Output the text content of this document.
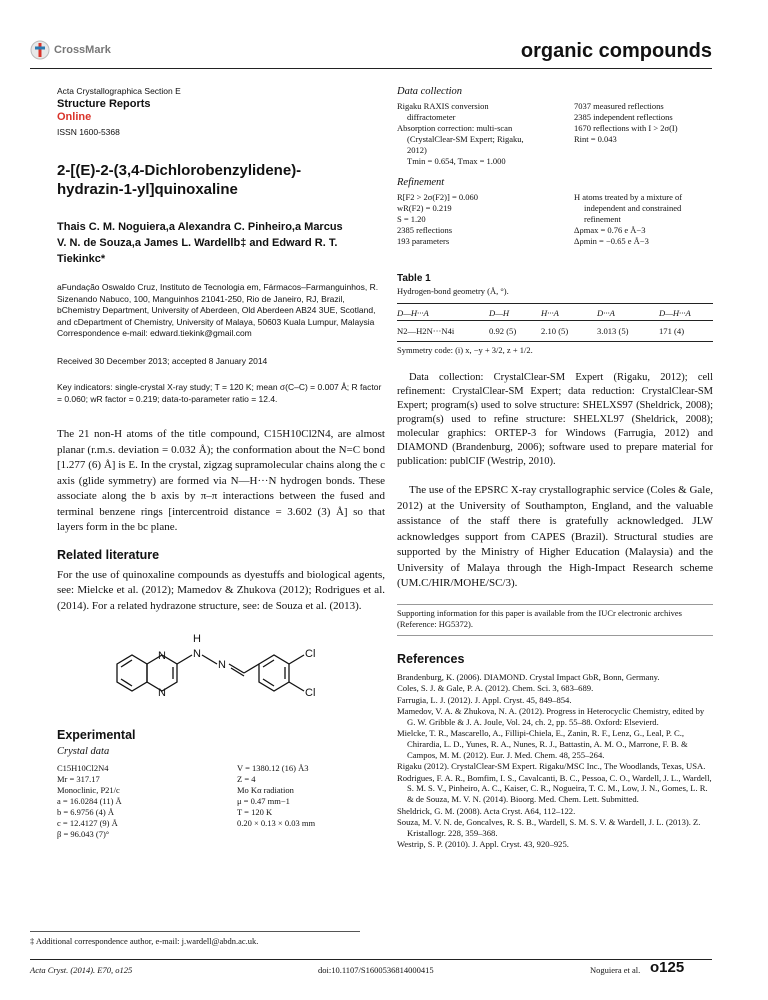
CrossMark	organic compounds
Acta Crystallographica Section E
Structure Reports
Online
ISSN 1600-5368
2-[(E)-2-(3,4-Dichlorobenzylidene)-hydrazin-1-yl]quinoxaline
Thais C. M. Noguiera,a Alexandra C. Pinheiro,a Marcus V. N. de Souza,a James L. Wardellb‡ and Edward R. T. Tiekinkc*
aFundação Oswaldo Cruz, Instituto de Tecnologia em, Fármacos–Farmanguinhos, R. Sizenando Nabuco, 100, Manguinhos 21041-250, Rio de Janeiro, RJ, Brazil,
bChemistry Department, University of Aberdeen, Old Aberdeen AB24 3UE, Scotland, and cDepartment of Chemistry, University of Malaya, 50603 Kuala Lumpur, Malaysia
Correspondence e-mail: edward.tiekink@gmail.com
Received 30 December 2013; accepted 8 January 2014
Key indicators: single-crystal X-ray study; T = 120 K; mean σ(C–C) = 0.007 Å; R factor = 0.060; wR factor = 0.219; data-to-parameter ratio = 12.4.
The 21 non-H atoms of the title compound, C15H10Cl2N4, are almost planar (r.m.s. deviation = 0.032 Å); the conformation about the N=C bond [1.277 (6) Å] is E. In the crystal, zigzag supramolecular chains along the c axis (glide symmetry) are formed via N—H···N hydrogen bonds. These associate along the b axis by π–π interactions between the fused and terminal benzene rings [intercentroid distance = 3.602 (3) Å] so that layers form in the bc plane.
Related literature
For the use of quinoxaline compounds as dyestuffs and biological agents, see: Mielcke et al. (2012); Mamedov & Zhukova (2012); Rodrigues et al. (2014). For a related hydrazone structure, see: de Souza et al. (2013).
N
N
H
N
N
Cl
Cl
Experimental
Crystal data
C15H10Cl2N4
Mr = 317.17
Monoclinic, P21/c
a = 16.0284 (11) Å
b = 6.9756 (4) Å
c = 12.4127 (9) Å
β = 96.043 (7)°
V = 1380.12 (16) Å3
Z = 4
Mo Kα radiation
μ = 0.47 mm−1
T = 120 K
0.20 × 0.13 × 0.03 mm
‡ Additional correspondence author, e-mail: j.wardell@abdn.ac.uk.
Acta Cryst. (2014). E70, o125	doi:10.1107/S1600536814000415	Noguiera et al. o125
Data collection
Rigaku RAXIS conversion
diffractometer
Absorption correction: multi-scan
(CrystalClear-SM Expert; Rigaku,
2012)
Tmin = 0.654, Tmax = 1.000
7037 measured reflections
2385 independent reflections
1670 reflections with I > 2σ(I)
Rint = 0.043
Refinement
R[F2 > 2σ(F2)] = 0.060
wR(F2) = 0.219
S = 1.20
2385 reflections
193 parameters
H atoms treated by a mixture of
independent and constrained
refinement
Δρmax = 0.76 e Å−3
Δρmin = −0.65 e Å−3
Table 1
Hydrogen-bond geometry (Å, °).
D—H···A	D—H	H···A	D···A	D—H···A
N2—H2N···N4i	0.92 (5)	2.10 (5)	3.013 (5)	171 (4)
Symmetry code: (i) x, −y + 3/2, z + 1/2.
Data collection: CrystalClear-SM Expert (Rigaku, 2012); cell refinement: CrystalClear-SM Expert; data reduction: CrystalClear-SM Expert; program(s) used to solve structure: SHELXS97 (Sheldrick, 2008); program(s) used to refine structure: SHELXL97 (Sheldrick, 2008); molecular graphics: ORTEP-3 for Windows (Farrugia, 2012) and DIAMOND (Brandenburg, 2006); software used to prepare material for publication: publCIF (Westrip, 2010).
The use of the EPSRC X-ray crystallographic service (Coles & Gale, 2012) at the University of Southampton, England, and the valuable assistance of the staff there is gratefully acknowledged. JLW acknowledges support from CAPES (Brazil). Structural studies are supported by the Ministry of Higher Education (Malaysia) and the University of Malaya through the High-Impact Research scheme (UM.C/HIR/MOHE/SC/3).
Supporting information for this paper is available from the IUCr electronic archives (Reference: HG5372).
References

Brandenburg, K. (2006). DIAMOND. Crystal Impact GbR, Bonn, Germany.

Coles, S. J. & Gale, P. A. (2012). Chem. Sci. 3, 683–689.

Farrugia, L. J. (2012). J. Appl. Cryst. 45, 849–854.

Mamedov, V. A. & Zhukova, N. A. (2012). Progress in Heterocyclic Chemistry, edited by G. W. Gribble & J. A. Joule, Vol. 24, ch. 2, pp. 55–88. Oxford: Elsevierd.

Mielcke, T. R., Mascarello, A., Fillipi-Chiela, E., Zanin, R. F., Lenz, G., Leal, P. C., Chirardia, L. D., Yunes, R. A., Nunes, R. J., Battastin, A. M. O., Marrone, F. B. & Campos, M. M. (2012). Eur. J. Med. Chem. 48, 255–264.

Rigaku (2012). CrystalClear-SM Expert. Rigaku/MSC Inc., The Woodlands, Texas, USA.

Rodrigues, F. A. R., Bomfim, I. S., Cavalcanti, B. C., Pessoa, C. O., Wardell, J. L., Wardell, S. M. S. V., Pinheiro, A. C., Kaiser, C. R., Nogueira, T. C. M., Low, J. N., Gomes, L. R. & de Souza, M. V. N. (2014). Bioorg. Med. Chem. Lett. Submitted.

Sheldrick, G. M. (2008). Acta Cryst. A64, 112–122.

Souza, M. V. N. de, Goncalves, R. S. B., Wardell, S. M. S. V. & Wardell, J. L. (2013). Z. Kristallogr. 228, 359–368.

Westrip, S. P. (2010). J. Appl. Cryst. 43, 920–925.
